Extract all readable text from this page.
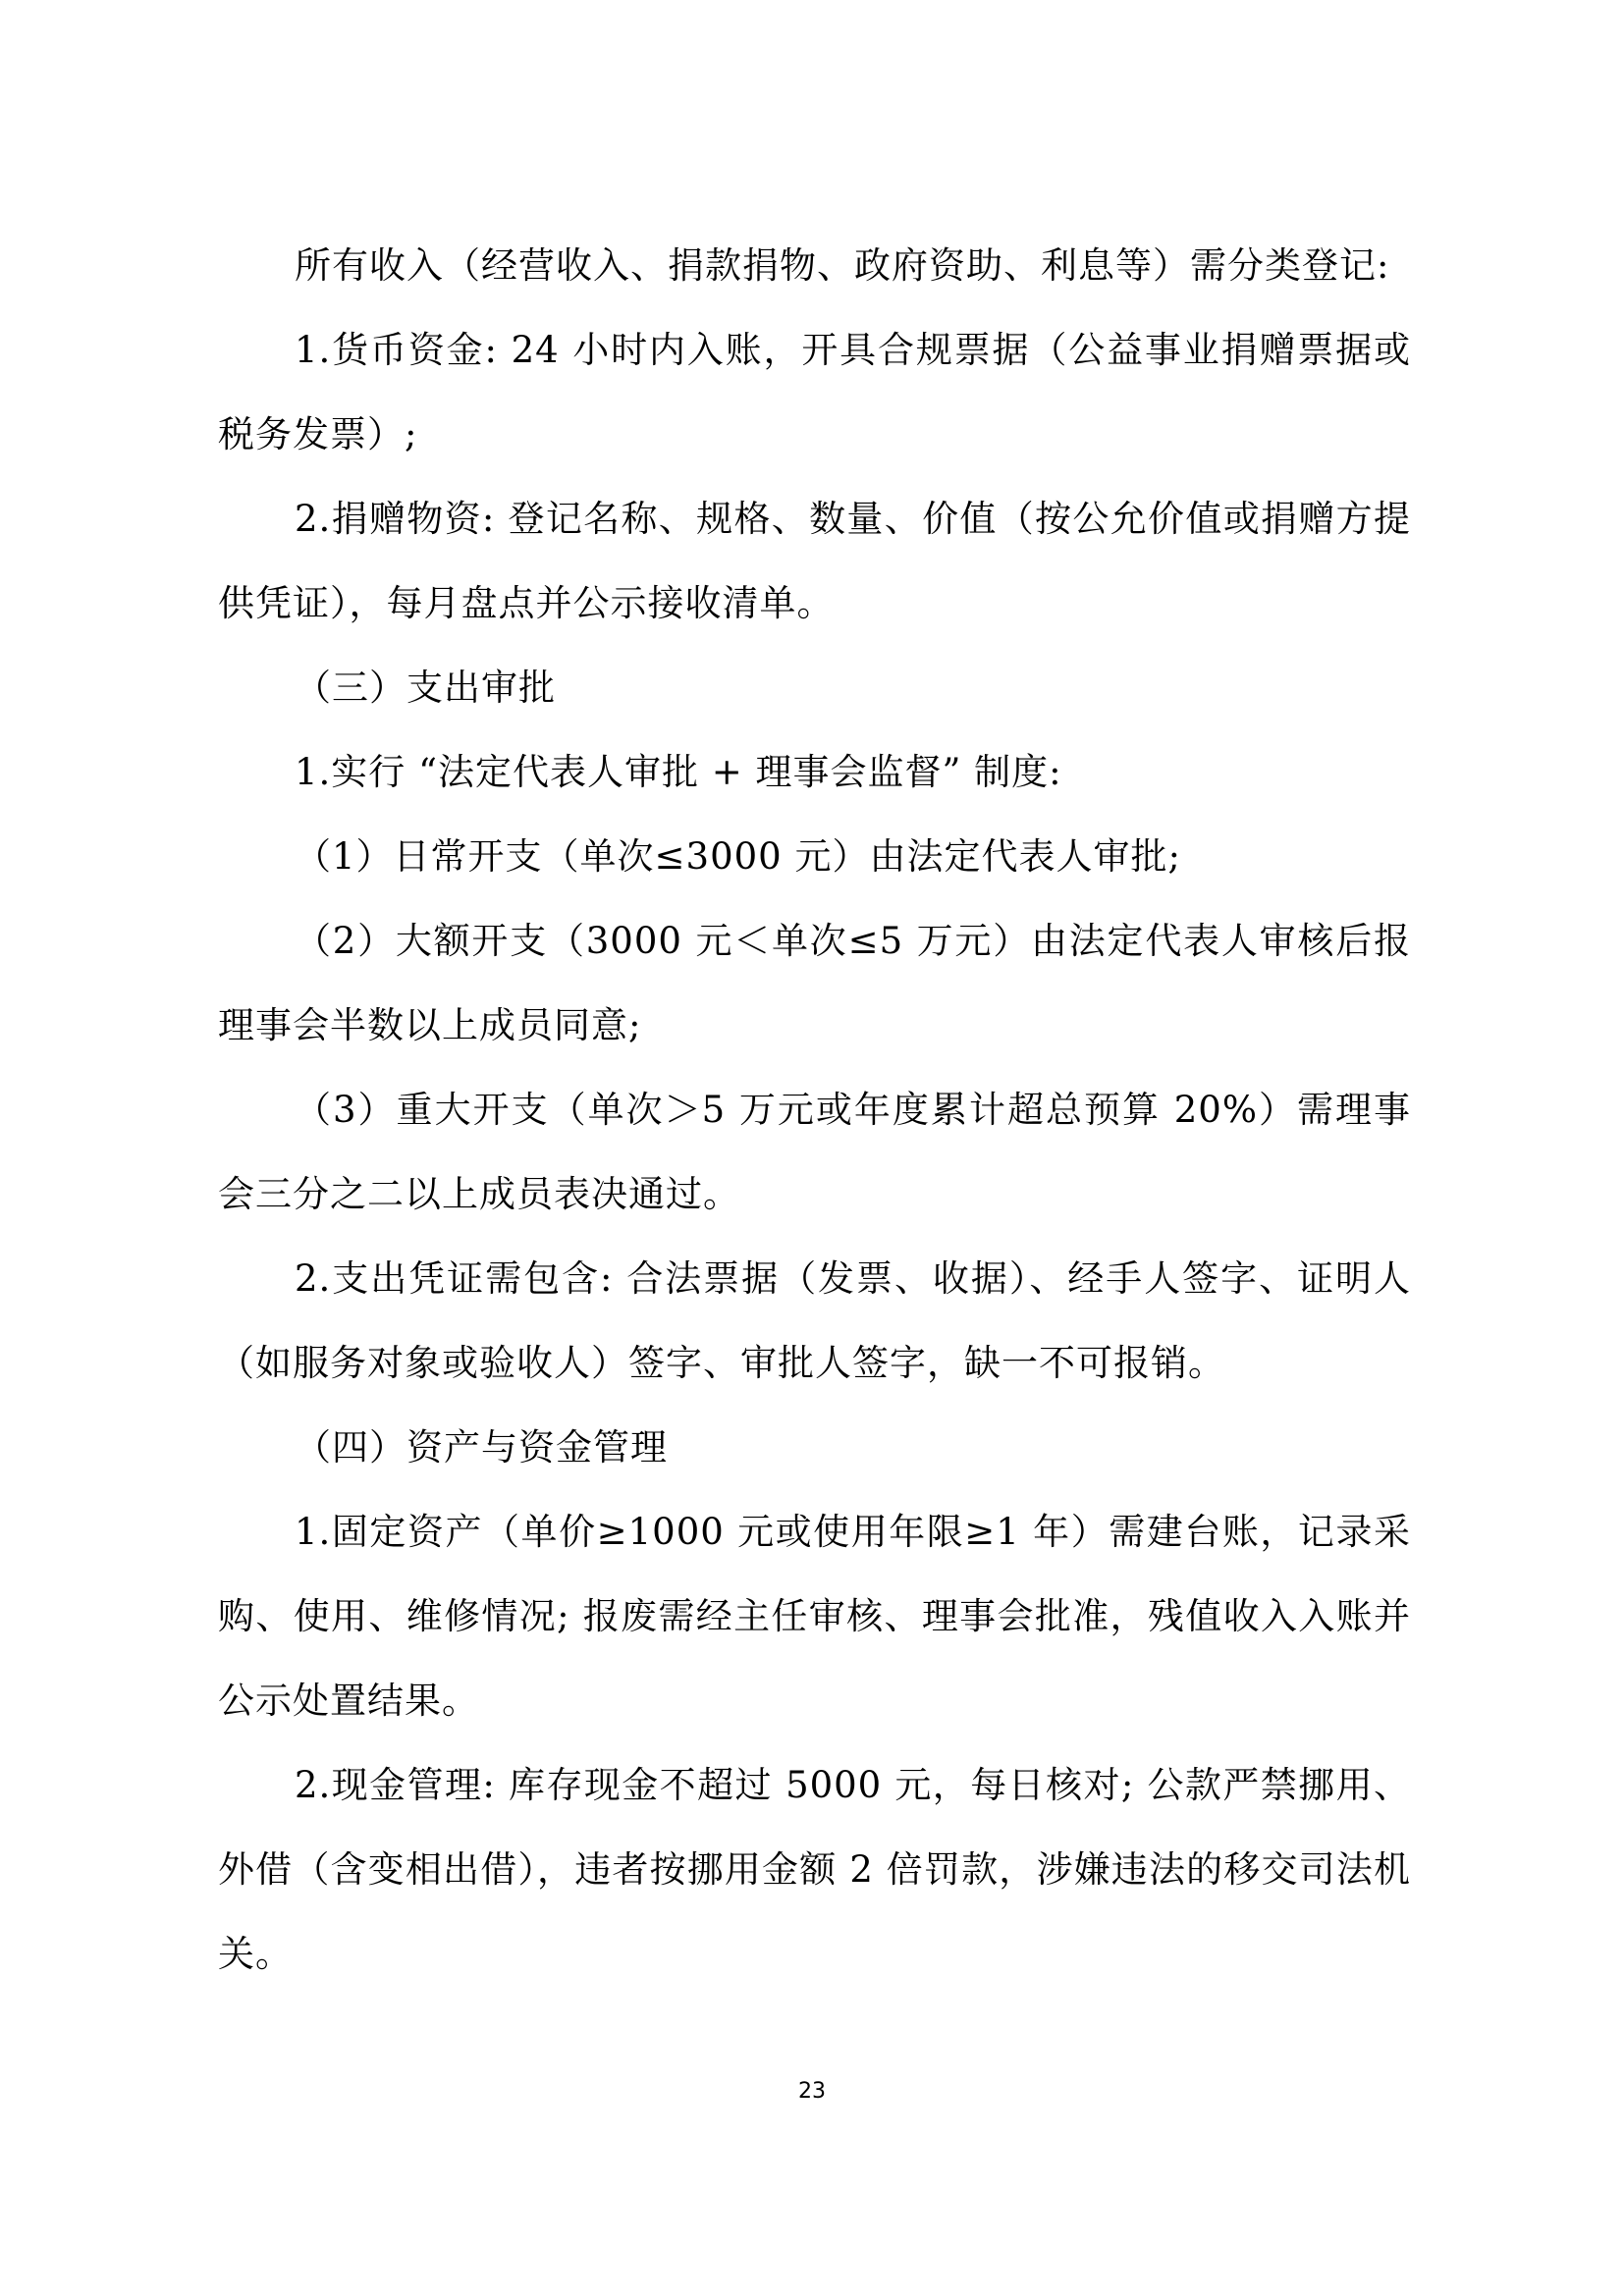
所有收入（经营收入、捐款捐物、政府资助、利息等）需分类登记:

1.货币资金: 24 小时内入账，开具合规票据（公益事业捐赠票据或税务发票）;

2.捐赠物资: 登记名称、规格、数量、价值（按公允价值或捐赠方提供凭证），每月盘点并公示接收清单。

（三）支出审批

1.实行 “法定代表人审批 + 理事会监督” 制度:

（1）日常开支（单次≤3000 元）由法定代表人审批;

（2）大额开支（3000 元＜单次≤5 万元）由法定代表人审核后报理事会半数以上成员同意;

（3）重大开支（单次＞5 万元或年度累计超总预算 20%）需理事会三分之二以上成员表决通过。

2.支出凭证需包含: 合法票据（发票、收据）、经手人签字、证明人（如服务对象或验收人）签字、审批人签字，缺一不可报销。

（四）资产与资金管理

1.固定资产（单价≥1000 元或使用年限≥1 年）需建台账，记录采购、使用、维修情况; 报废需经主任审核、理事会批准，残值收入入账并公示处置结果。

2.现金管理: 库存现金不超过 5000 元，每日核对; 公款严禁挪用、外借（含变相出借），违者按挪用金额 2 倍罚款，涉嫌违法的移交司法机关。

23
